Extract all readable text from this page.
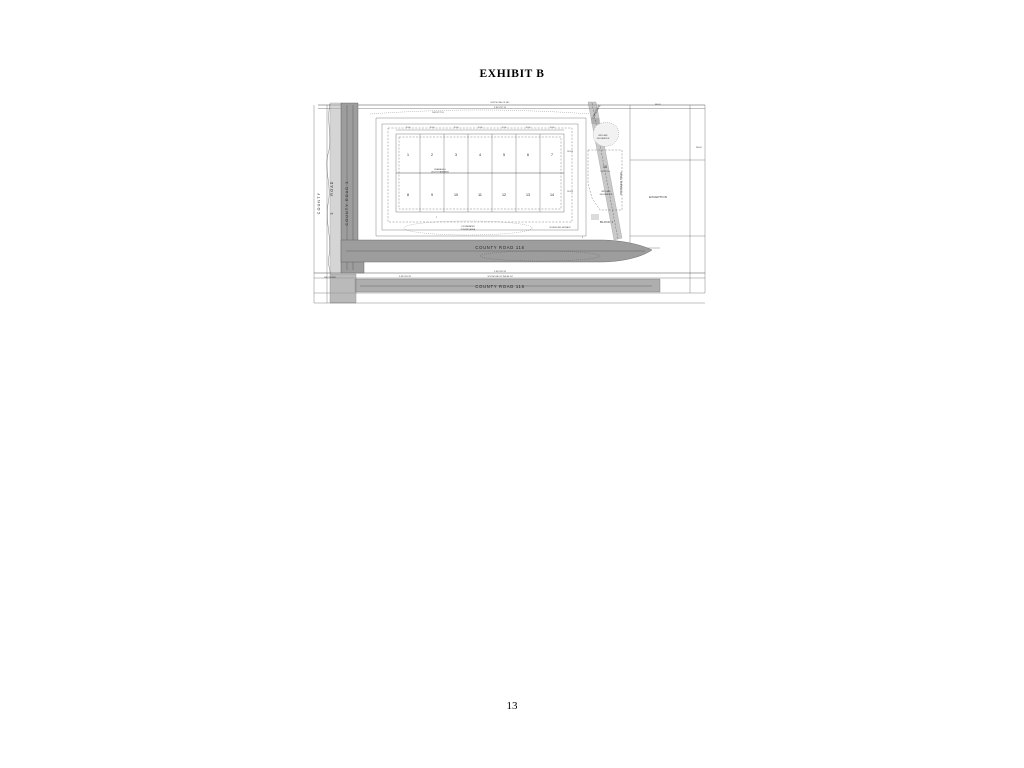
EXHIBIT B
1	2	3	4	5	6	7
8	9	10	11	12	13	14
75.00	75.00	75.00	75.00	75.00	75.00	75.00
130.00
130.00
WETLAND
DELINEATION
16
OUTLOT A
WETLAND
DELINEATION
STORMWATER
PONDING AREA
DRAINAGE &
UTILITY EASEMENT
BLOCK 1
EXCEPTION
COUNTY ROAD 116
COUNTY ROAD 116
COUNTY
ROAD
3	COUNTY ROAD 3	PIONEER TRAIL
LAKESIDE
NORTH LINE OF SEC
S 89°57'21' W
N 89°57'21' E
S 89°51'30' W
SOUTH LINE OF THE NE 1/4
S 89°51'30' W
SW CORNER
30' BUILDING SETBACK
2
660.00
330.00
3
13
